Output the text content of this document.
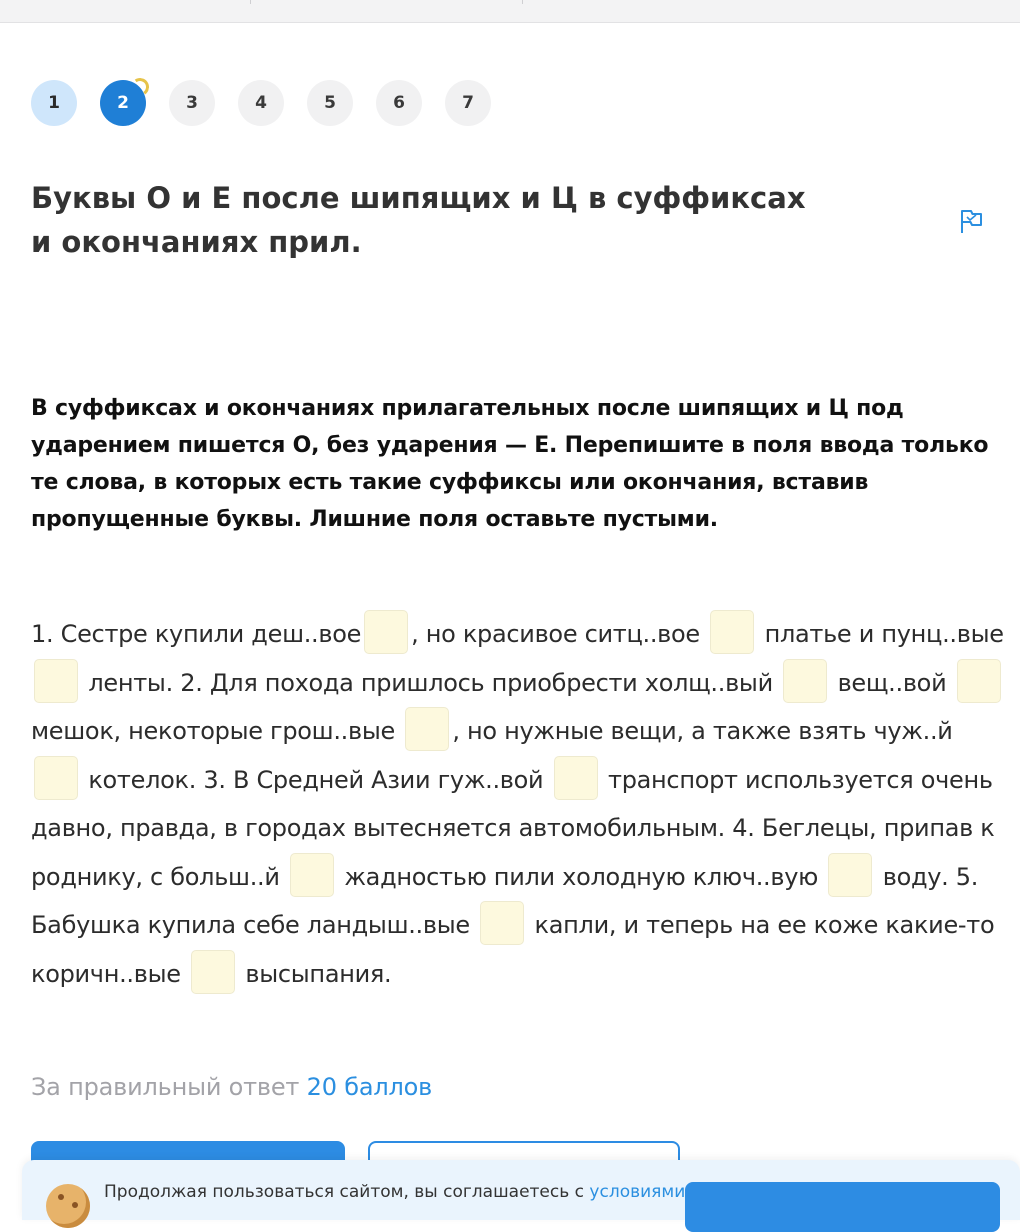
1	2	3	4	5	6	7
Буквы О и Е после шипящих и Ц в суффиксах и окончаниях прил.

В суффиксах и окончаниях прилагательных после шипящих и Ц под ударением пишется О, без ударения — Е. Перепишите в поля ввода только те слова, в которых есть такие суффиксы или окончания, вставив пропущенные буквы. Лишние поля оставьте пустыми.

1. Сестре купили деш..вое , но красивое ситц..вое	платье и пунц..вые  ленты. 2. Для похода пришлось приобрести холщ..вый	вещ..вой  мешок, некоторые грош..вые , но нужные вещи, а также взять чуж..й  котелок. 3. В Средней Азии гуж..вой	транспорт используется очень давно, правда, в городах вытесняется автомобильным. 4. Беглецы, припав к роднику, с больш..й	жадностью пили холодную ключ..вую	воду. 5. Бабушка купила себе ландыш..вые	капли, и теперь на ее коже какие-то коричн..вые	высыпания.

За правильный ответ 20 баллов
Продолжая пользоваться сайтом, вы соглашаетесь с условиями
